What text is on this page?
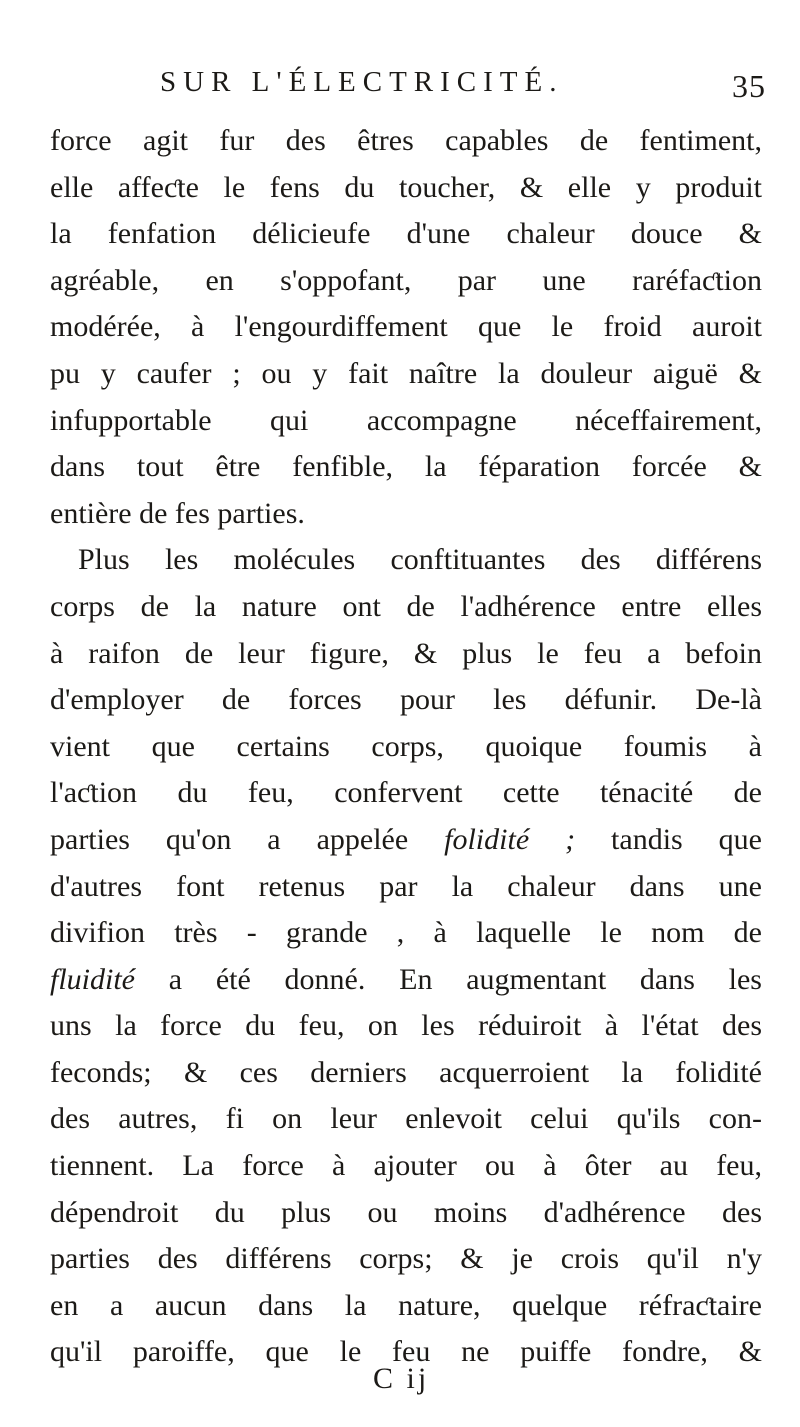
SUR L'ÉLECTRICITÉ.	35
force agit fur des êtres capables de fentiment,
elle affeƈte le fens du toucher, & elle y produit
la fenfation délicieufe d'une chaleur douce &
agréable, en s'oppofant, par une raréfaƈtion
modérée, à l'engourdiffement que le froid auroit
pu y caufer ; ou y fait naître la douleur aiguë &
infupportable qui accompagne néceffairement,
dans tout être fenfible, la féparation forcée &
entière de fes parties.
Plus les molécules conftituantes des différens
corps de la nature ont de l'adhérence entre elles
à raifon de leur figure, & plus le feu a befoin
d'employer de forces pour les défunir. De-là
vient que certains corps, quoique foumis à
l'aƈtion du feu, confervent cette ténacité de
parties qu'on a appelée folidité ; tandis que
d'autres font retenus par la chaleur dans une
divifion très - grande , à laquelle le nom de
fluidité a été donné. En augmentant dans les
uns la force du feu, on les réduiroit à l'état des
feconds; & ces derniers acquerroient la folidité
des autres, fi on leur enlevoit celui qu'ils con-
tiennent. La force à ajouter ou à ôter au feu,
dépendroit du plus ou moins d'adhérence des
parties des différens corps; & je crois qu'il n'y
en a aucun dans la nature, quelque réfraƈtaire
qu'il paroiffe, que le feu ne puiffe fondre, &
C ij
